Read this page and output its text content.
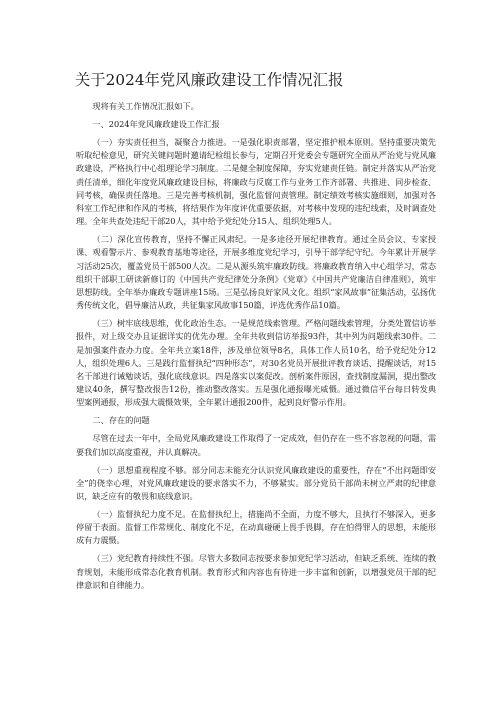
关于2024年党风廉政建设工作情况汇报

现将有关工作情况汇报如下。

一、2024年党风廉政建设工作汇报

（一）夯实责任担当，凝聚合力推进。一是强化职责部署，坚定推护根本原则。坚持重要决策先听取纪检意见，研究关键问题时邀请纪检组长参与，定期召开党委会专题研究全面从严治党与党风廉政建设，严格执行中心组理论学习制度。二是健全制度保障，夯实党建责任链。制定并落实从严治党责任清单，细化年度党风廉政建设目标，将廉政与反腐工作与业务工作齐部署、共推进、同步检查、同考核，确保责任落地。三是完善考核机制，强化监督问责管理。制定绩效考核实施细则，加强对各科室工作纪律和作风的考核，将结果作为年度评优重要依据，对考核中发现的违纪线索，及时调查处理。全年共查处违纪干部20人，其中给予党纪处分15人、组织处理5人。

（二）深化宣传教育，坚持不懈正风肃纪。一是多途径开展纪律教育。通过全员会议、专家授课、观看警示片、参观教育基地等途径，开展多维度党纪学习，引导干部学纪守纪。今年累计开展学习活动25次，覆盖党员干部500人次。二是从源头筑牢廉政防线。将廉政教育纳入中心组学习，常态组织干部职工研读新修订的《中国共产党纪律处分条例》《党章》《中国共产党廉洁自律准则》，筑牢思想防线。全年举办廉政专题讲座15场。三是弘扬良好家风文化。组织“家风故事”征集活动，弘扬优秀传统文化，倡导廉洁从政，共征集家风故事150篇，评选优秀作品10篇。

（三）树牢底线思维，优化政治生态。一是规范线索管理。严格问题线索管理，分类处置信访举报件，对上级交办且证据详实的优先办理。全年共收到信访举报93件，其中列为问题线索30件。二是加强案件查办力度。全年共立案18件，涉及单位领导8名，具体工作人员10名，给予党纪处分12人，组织处理6人。三是践行监督执纪“四种形态”，对30名党员开展批评教育谈话、提醒谈话，对15名干部进行诫勉谈话，强化底线意识。四是落实以案促改。剖析案件原因，查找制度漏洞，提出整改建议40条，撰写整改报告12份，推动整改落实。五是强化通报曝光威慑。通过微信平台每日转发典型案例通报，形成强大震慑效果，全年累计通报200件，起到良好警示作用。

二、存在的问题

尽管在过去一年中，全局党风廉政建设工作取得了一定成效，但仍存在一些不容忽视的问题，需要我们加以高度重视，并认真解决。

（一）思想重视程度不够。部分同志未能充分认识党风廉政建设的重要性，存在“不出问题即安全”的侥幸心理，对党风廉政建设的要求落实不力，不够紧实。部分党员干部尚未树立严肃的纪律意识，缺乏应有的敬畏和底线意识。

（一）监督执纪力度不足。在监督执纪上，措施尚不全面，力度不够大，且执行不够深入，更多停留于表面。监督工作常规化、制度化不足，在动真碰硬上畏手畏脚，存在怕得罪人的思想，未能形成有力震慑。

（三）党纪教育持续性不强。尽管大多数同志按要求参加党纪学习活动，但缺乏系统、连续的教育规划，未能形成常态化教育机制。教育形式和内容也有待进一步丰富和创新，以增强党员干部的纪律意识和自律能力。
